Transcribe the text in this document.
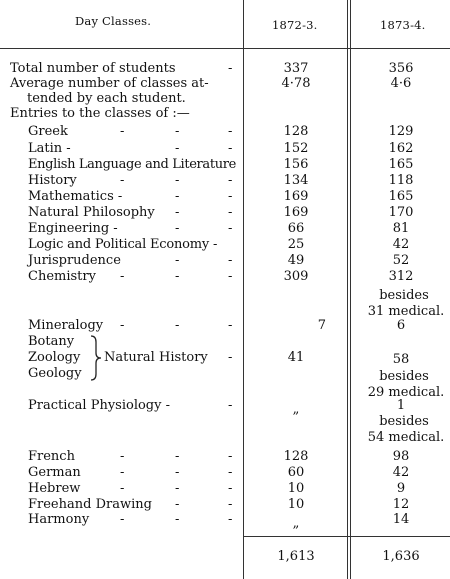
Day Classes.	1872-3.	1873-4.
Total number of students	-	337	356
Average number of classes at-
tended by each student.
4·78	4·6
Entries to the classes of :—
Greek	-	-	-	128	129
Latin -	-	-	152	162
English Language and Literature	156	165
History	-	-	-	134	118
Mathematics -	-	-	169	165
Natural Philosophy -	-	169	170
Engineering -	-	-	66	81
Logic and Political Economy -	25	42
Jurisprudence	-	-	49	52
Chemistry -	-	-	309	312
besides
31 medical.
Mineralogy -	-	-	7	6
Botany
Zoology
Geology
Natural History -	41	58
besides
29 medical.
Practical Physiology -	-	„	1
besides
54 medical.
French	-	-	-	128	98
German	-	-	-	60	42
Hebrew	-	-	-	10	9
Freehand Drawing -	-	10	12
Harmony -	-	-	„	14
1,613	1,636
